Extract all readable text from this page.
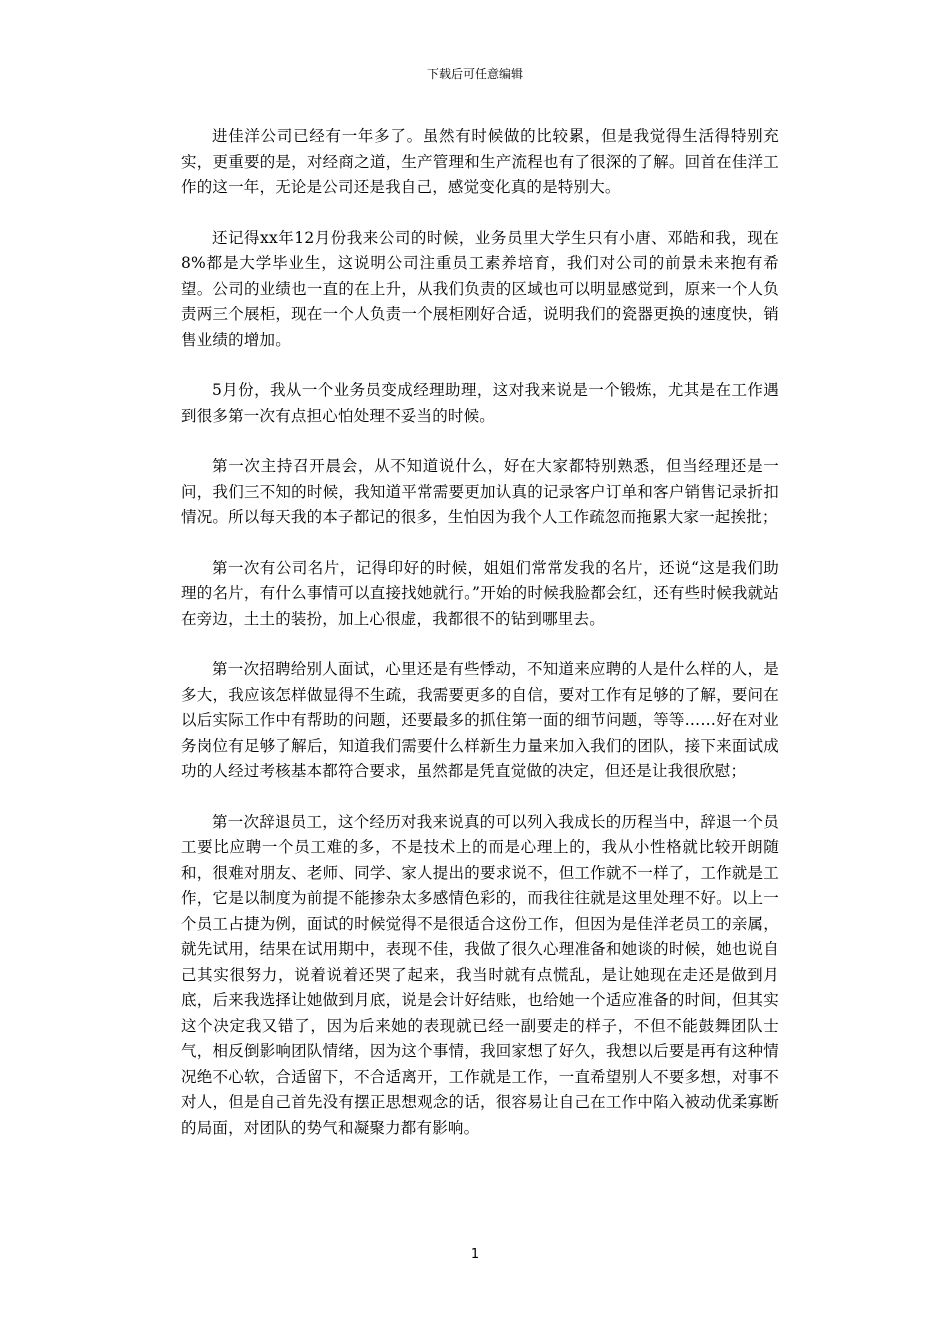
下载后可任意编辑

进佳洋公司已经有一年多了。虽然有时候做的比较累，但是我觉得生活得特别充实，更重要的是，对经商之道，生产管理和生产流程也有了很深的了解。回首在佳洋工作的这一年，无论是公司还是我自己，感觉变化真的是特别大。

还记得xx年12月份我来公司的时候，业务员里大学生只有小唐、邓皓和我，现在8%都是大学毕业生，这说明公司注重员工素养培育，我们对公司的前景未来抱有希望。公司的业绩也一直的在上升，从我们负责的区域也可以明显感觉到，原来一个人负责两三个展柜，现在一个人负责一个展柜刚好合适，说明我们的瓷器更换的速度快，销售业绩的增加。

5月份，我从一个业务员变成经理助理，这对我来说是一个锻炼，尤其是在工作遇到很多第一次有点担心怕处理不妥当的时候。

第一次主持召开晨会，从不知道说什么，好在大家都特别熟悉，但当经理还是一问，我们三不知的时候，我知道平常需要更加认真的记录客户订单和客户销售记录折扣情况。所以每天我的本子都记的很多，生怕因为我个人工作疏忽而拖累大家一起挨批；

第一次有公司名片，记得印好的时候，姐姐们常常发我的名片，还说“这是我们助理的名片，有什么事情可以直接找她就行。”开始的时候我脸都会红，还有些时候我就站在旁边，土土的装扮，加上心很虚，我都很不的钻到哪里去。

第一次招聘给别人面试，心里还是有些悸动，不知道来应聘的人是什么样的人，是多大，我应该怎样做显得不生疏，我需要更多的自信，要对工作有足够的了解，要问在以后实际工作中有帮助的问题，还要最多的抓住第一面的细节问题，等等……好在对业务岗位有足够了解后，知道我们需要什么样新生力量来加入我们的团队，接下来面试成功的人经过考核基本都符合要求，虽然都是凭直觉做的决定，但还是让我很欣慰；

第一次辞退员工，这个经历对我来说真的可以列入我成长的历程当中，辞退一个员工要比应聘一个员工难的多，不是技术上的而是心理上的，我从小性格就比较开朗随和，很难对朋友、老师、同学、家人提出的要求说不，但工作就不一样了，工作就是工作，它是以制度为前提不能掺杂太多感情色彩的，而我往往就是这里处理不好。以上一个员工占捷为例，面试的时候觉得不是很适合这份工作，但因为是佳洋老员工的亲属，就先试用，结果在试用期中，表现不佳，我做了很久心理准备和她谈的时候，她也说自己其实很努力，说着说着还哭了起来，我当时就有点慌乱，是让她现在走还是做到月底，后来我选择让她做到月底，说是会计好结账，也给她一个适应准备的时间，但其实这个决定我又错了，因为后来她的表现就已经一副要走的样子，不但不能鼓舞团队士气，相反倒影响团队情绪，因为这个事情，我回家想了好久，我想以后要是再有这种情况绝不心软，合适留下，不合适离开，工作就是工作，一直希望别人不要多想，对事不对人，但是自己首先没有摆正思想观念的话，很容易让自己在工作中陷入被动优柔寡断的局面，对团队的势气和凝聚力都有影响。

1
